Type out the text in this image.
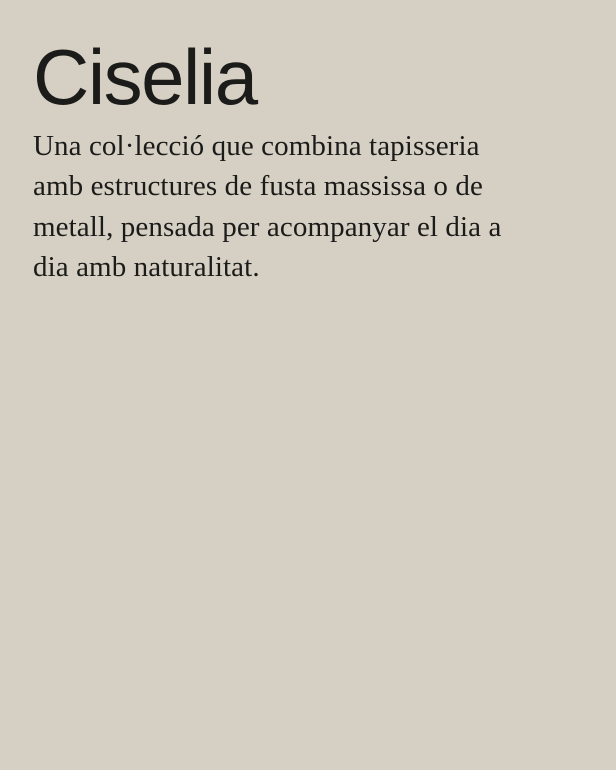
Ciselia

Una col·lecció que combina tapisseria amb estructures de fusta massissa o de metall, pensada per acompanyar el dia a dia amb naturalitat.
